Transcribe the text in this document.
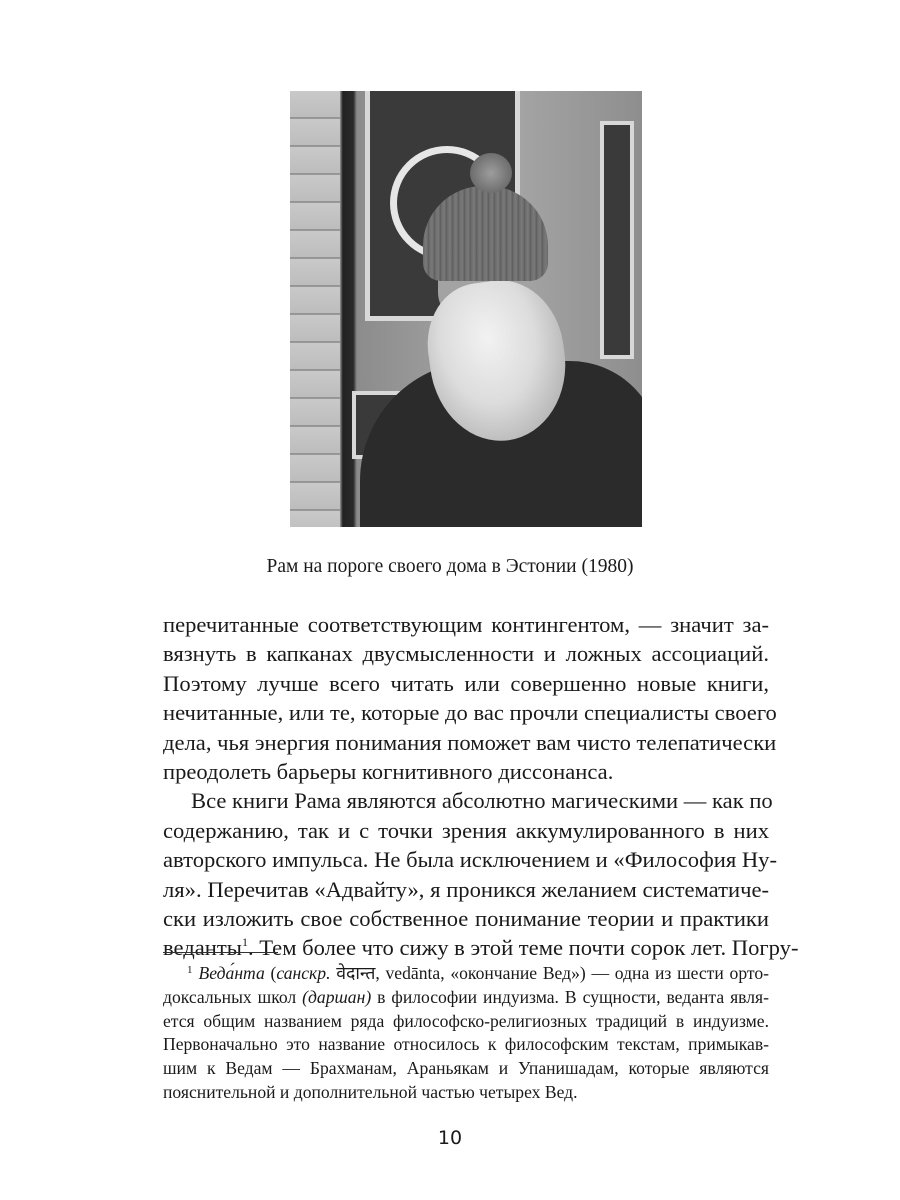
Рам на пороге своего дома в Эстонии (1980)
перечитанные соответствующим контингентом, — значит за-
вязнуть в капканах двусмысленности и ложных ассоциаций.
Поэтому лучше всего читать или совершенно новые книги,
нечитанные, или те, которые до вас прочли специалисты своего
дела, чья энергия понимания поможет вам чисто телепатически
преодолеть барьеры когнитивного диссонанса.
Все книги Рама являются абсолютно магическими — как по
содержанию, так и с точки зрения аккумулированного в них
авторского импульса. Не была исключением и «Философия Ну-
ля». Перечитав «Адвайту», я проникся желанием систематиче-
ски изложить свое собственное понимание теории и практики
веданты$^1$. Тем более что сижу в этой теме почти сорок лет. Погру-
$^1$ Веда́нта (санскр. वेदान्त, vedānta, «окончание Вед») — одна из шести орто-
доксальных школ (даршан) в философии индуизма. В сущности, веданта явля-
ется общим названием ряда философско-религиозных традиций в индуизме.
Первоначально это название относилось к философским текстам, примыкав-
шим к Ведам — Брахманам, Араньякам и Упанишадам, которые являются
пояснительной и дополнительной частью четырех Вед.
10
